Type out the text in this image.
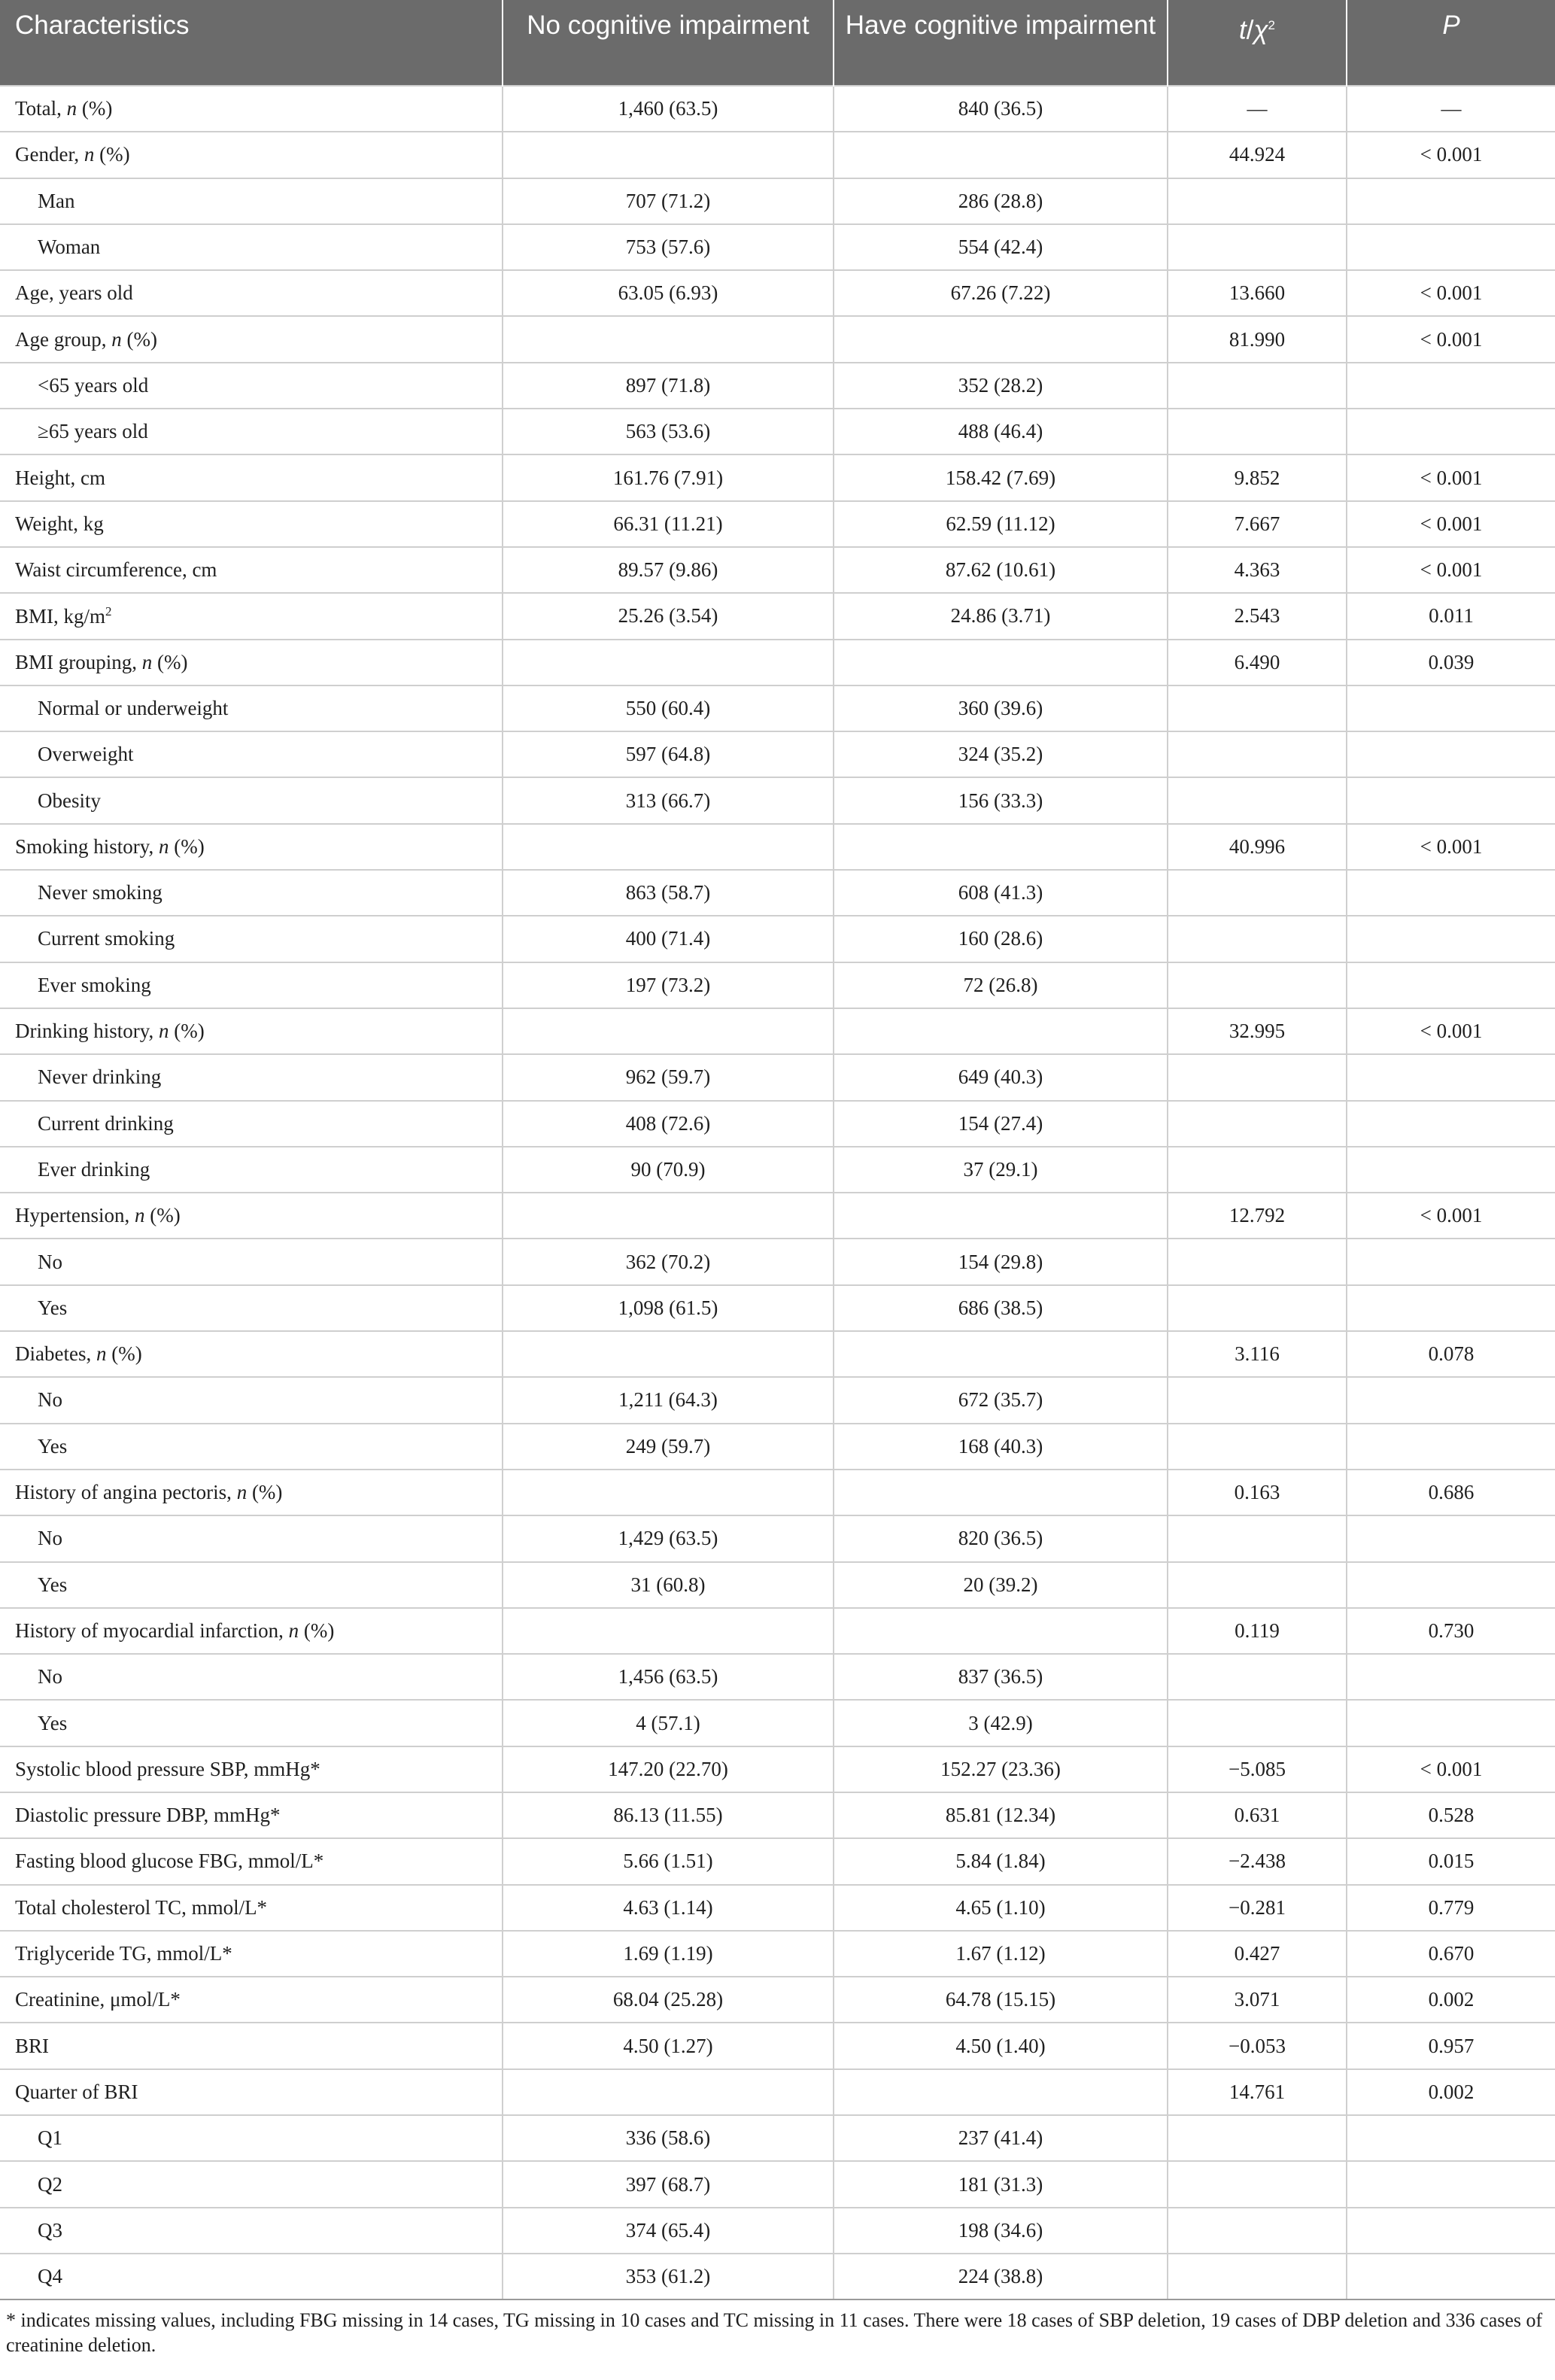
Characteristics	No cognitive impairment	Have cognitive impairment	$t/\chi^2$	P
Total, n (%)	1,460 (63.5)	840 (36.5)	—	—
Gender, n (%)			44.924	< 0.001
Man	707 (71.2)	286 (28.8)		
Woman	753 (57.6)	554 (42.4)		
Age, years old	63.05 (6.93)	67.26 (7.22)	13.660	< 0.001
Age group, n (%)			81.990	< 0.001
<65 years old	897 (71.8)	352 (28.2)		
≥65 years old	563 (53.6)	488 (46.4)		
Height, cm	161.76 (7.91)	158.42 (7.69)	9.852	< 0.001
Weight, kg	66.31 (11.21)	62.59 (11.12)	7.667	< 0.001
Waist circumference, cm	89.57 (9.86)	87.62 (10.61)	4.363	< 0.001
BMI, $kg/m^2$	25.26 (3.54)	24.86 (3.71)	2.543	0.011
BMI grouping, n (%)			6.490	0.039
Normal or underweight	550 (60.4)	360 (39.6)		
Overweight	597 (64.8)	324 (35.2)		
Obesity	313 (66.7)	156 (33.3)		
Smoking history, n (%)			40.996	< 0.001
Never smoking	863 (58.7)	608 (41.3)		
Current smoking	400 (71.4)	160 (28.6)		
Ever smoking	197 (73.2)	72 (26.8)		
Drinking history, n (%)			32.995	< 0.001
Never drinking	962 (59.7)	649 (40.3)		
Current drinking	408 (72.6)	154 (27.4)		
Ever drinking	90 (70.9)	37 (29.1)		
Hypertension, n (%)			12.792	< 0.001
No	362 (70.2)	154 (29.8)		
Yes	1,098 (61.5)	686 (38.5)		
Diabetes, n (%)			3.116	0.078
No	1,211 (64.3)	672 (35.7)		
Yes	249 (59.7)	168 (40.3)		
History of angina pectoris, n (%)			0.163	0.686
No	1,429 (63.5)	820 (36.5)		
Yes	31 (60.8)	20 (39.2)		
History of myocardial infarction, n (%)			0.119	0.730
No	1,456 (63.5)	837 (36.5)		
Yes	4 (57.1)	3 (42.9)		
Systolic blood pressure SBP, mmHg*	147.20 (22.70)	152.27 (23.36)	−5.085	< 0.001
Diastolic pressure DBP, mmHg*	86.13 (11.55)	85.81 (12.34)	0.631	0.528
Fasting blood glucose FBG, mmol/L*	5.66 (1.51)	5.84 (1.84)	−2.438	0.015
Total cholesterol TC, mmol/L*	4.63 (1.14)	4.65 (1.10)	−0.281	0.779
Triglyceride TG, mmol/L*	1.69 (1.19)	1.67 (1.12)	0.427	0.670
Creatinine, μmol/L*	68.04 (25.28)	64.78 (15.15)	3.071	0.002
BRI	4.50 (1.27)	4.50 (1.40)	−0.053	0.957
Quarter of BRI			14.761	0.002
Q1	336 (58.6)	237 (41.4)		
Q2	397 (68.7)	181 (31.3)		
Q3	374 (65.4)	198 (34.6)		
Q4	353 (61.2)	224 (38.8)		
* indicates missing values, including FBG missing in 14 cases, TG missing in 10 cases and TC missing in 11 cases. There were 18 cases of SBP deletion, 19 cases of DBP deletion and 336 cases of creatinine deletion.
